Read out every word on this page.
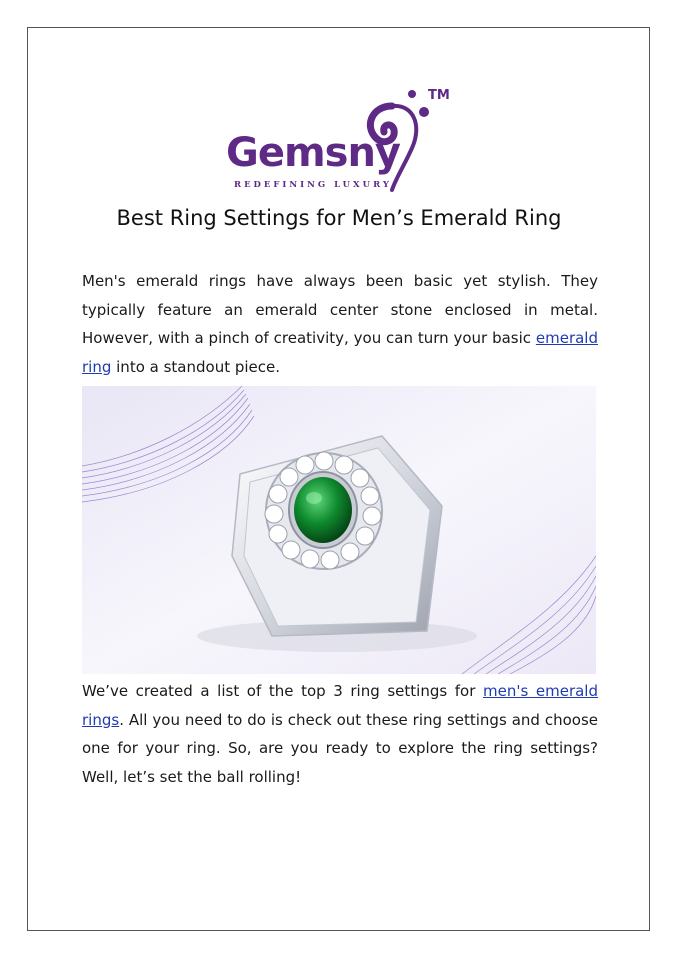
Gemsny
TM
REDEFINING LUXURY
Best Ring Settings for Men’s Emerald Ring

Men's emerald rings have always been basic yet stylish. They typically feature an emerald center stone enclosed in metal. However, with a pinch of creativity, you can turn your basic emerald ring into a standout piece.

We’ve created a list of the top 3 ring settings for men's emerald rings. All you need to do is check out these ring settings and choose one for your ring. So, are you ready to explore the ring settings? Well, let’s set the ball rolling!
